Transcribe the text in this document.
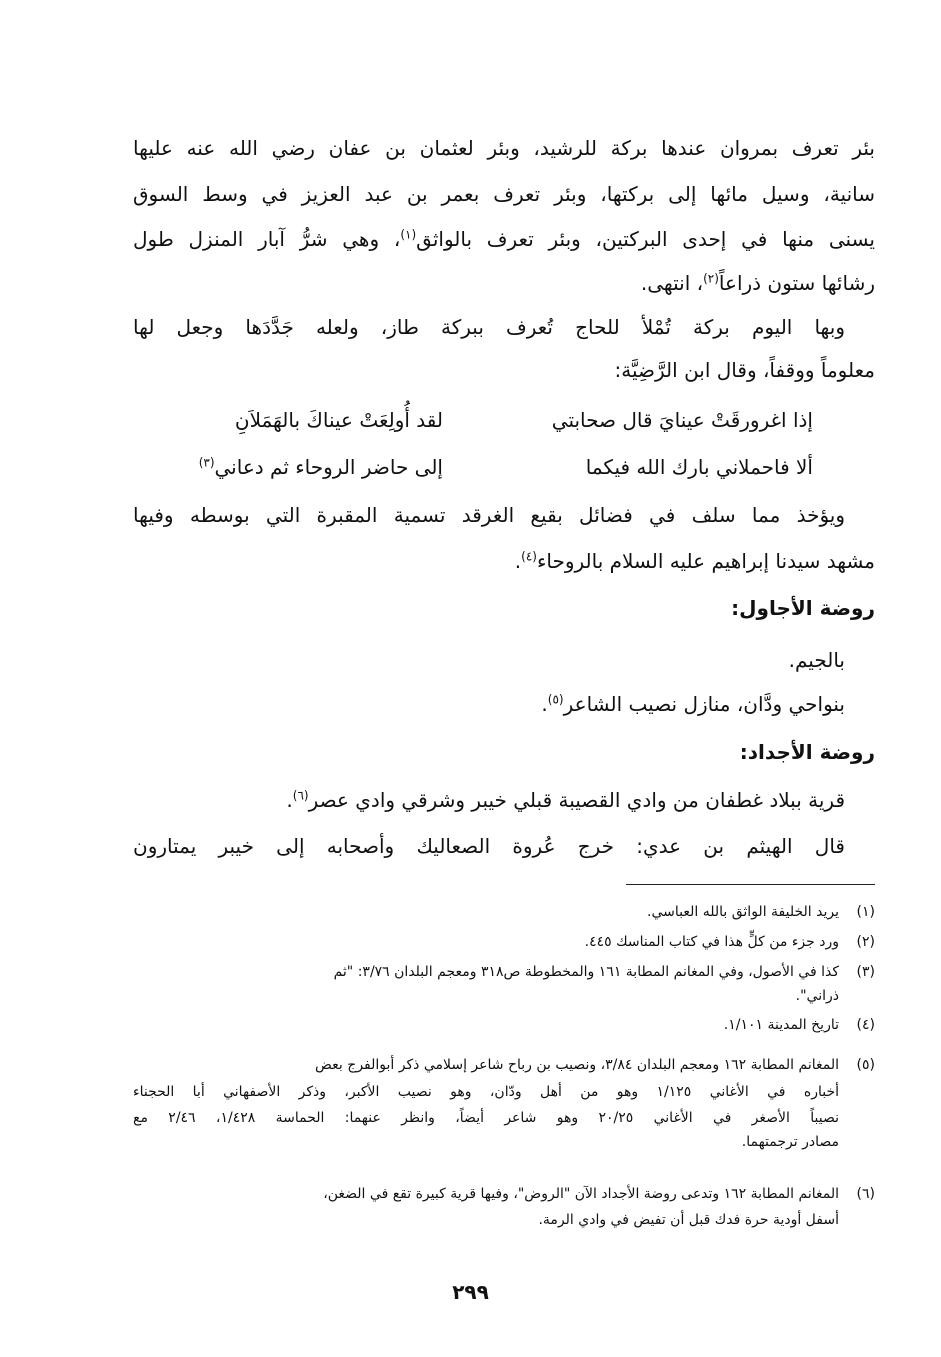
بئر تعرف بمروان عندها بركة للرشيد، وبئر لعثمان بن عفان رضي الله عنه عليها
سانية، وسيل مائها إلى بركتها، وبئر تعرف بعمر بن عبد العزيز في وسط السوق
يسنى منها في إحدى البركتين، وبئر تعرف بالواثق$^{(١)}$، وهي شرُّ آبار المنزل طول
رشائها ستون ذراعاً$^{(٢)}$، انتهى.
وبها اليوم بركة تُمْلأ للحاج تُعرف ببركة طاز، ولعله جَدَّدَها وجعل لها
معلوماً ووقفاً، وقال ابن الرَّضِيَّة:
إذا اغرورقَتْ عينايَ قال صحابتي
لقد أُولِعَتْ عيناكَ بالهَمَلاَنِ
ألا فاحملاني بارك الله فيكما
إلى حاضر الروحاء ثم دعاني$^{(٣)}$
ويؤخذ مما سلف في فضائل بقيع الغرقد تسمية المقبرة التي بوسطه وفيها
مشهد سيدنا إبراهيم عليه السلام بالروحاء$^{(٤)}$.
روضة الأجاول:
بالجيم.
بنواحي ودَّان، منازل نصيب الشاعر$^{(٥)}$.
روضة الأجداد:
قرية ببلاد غطفان من وادي القصيبة قبلي خيبر وشرقي وادي عصر$^{(٦)}$.
قال الهيثم بن عدي: خرج عُروة الصعاليك وأصحابه إلى خيبر يمتارون
(١)يريد الخليفة الواثق بالله العباسي.
(٢)ورد جزء من كلٍّ هذا في كتاب المناسك ٤٤٥.
(٣)كذا في الأصول، وفي المغانم المطابة ١٦١ والمخطوطة ص٣١٨ ومعجم البلدان ٣/٧٦: "ثم
ذراني".
(٤)تاريخ المدينة ١/١٠١.
(٥)المغانم المطابة ١٦٢ ومعجم البلدان ٣/٨٤، ونصيب بن رباح شاعر إسلامي ذكر أبوالفرج بعض
أخباره في الأغاني ١/١٢٥ وهو من أهل ودّان، وهو نصيب الأكبر، وذكر الأصفهاني أبا الحجناء
نصيباً الأصغر في الأغاني ٢٠/٢٥ وهو شاعر أيضاً، وانظر عنهما: الحماسة ١/٤٢٨، ٢/٤٦ مع
مصادر ترجمتهما.
(٦)المغانم المطابة ١٦٢ وتدعى روضة الأجداد الآن "الروض"، وفيها قرية كبيرة تقع في الضغن،
أسفل أودية حرة فدك قبل أن تفيض في وادي الرمة.
٢٩٩
